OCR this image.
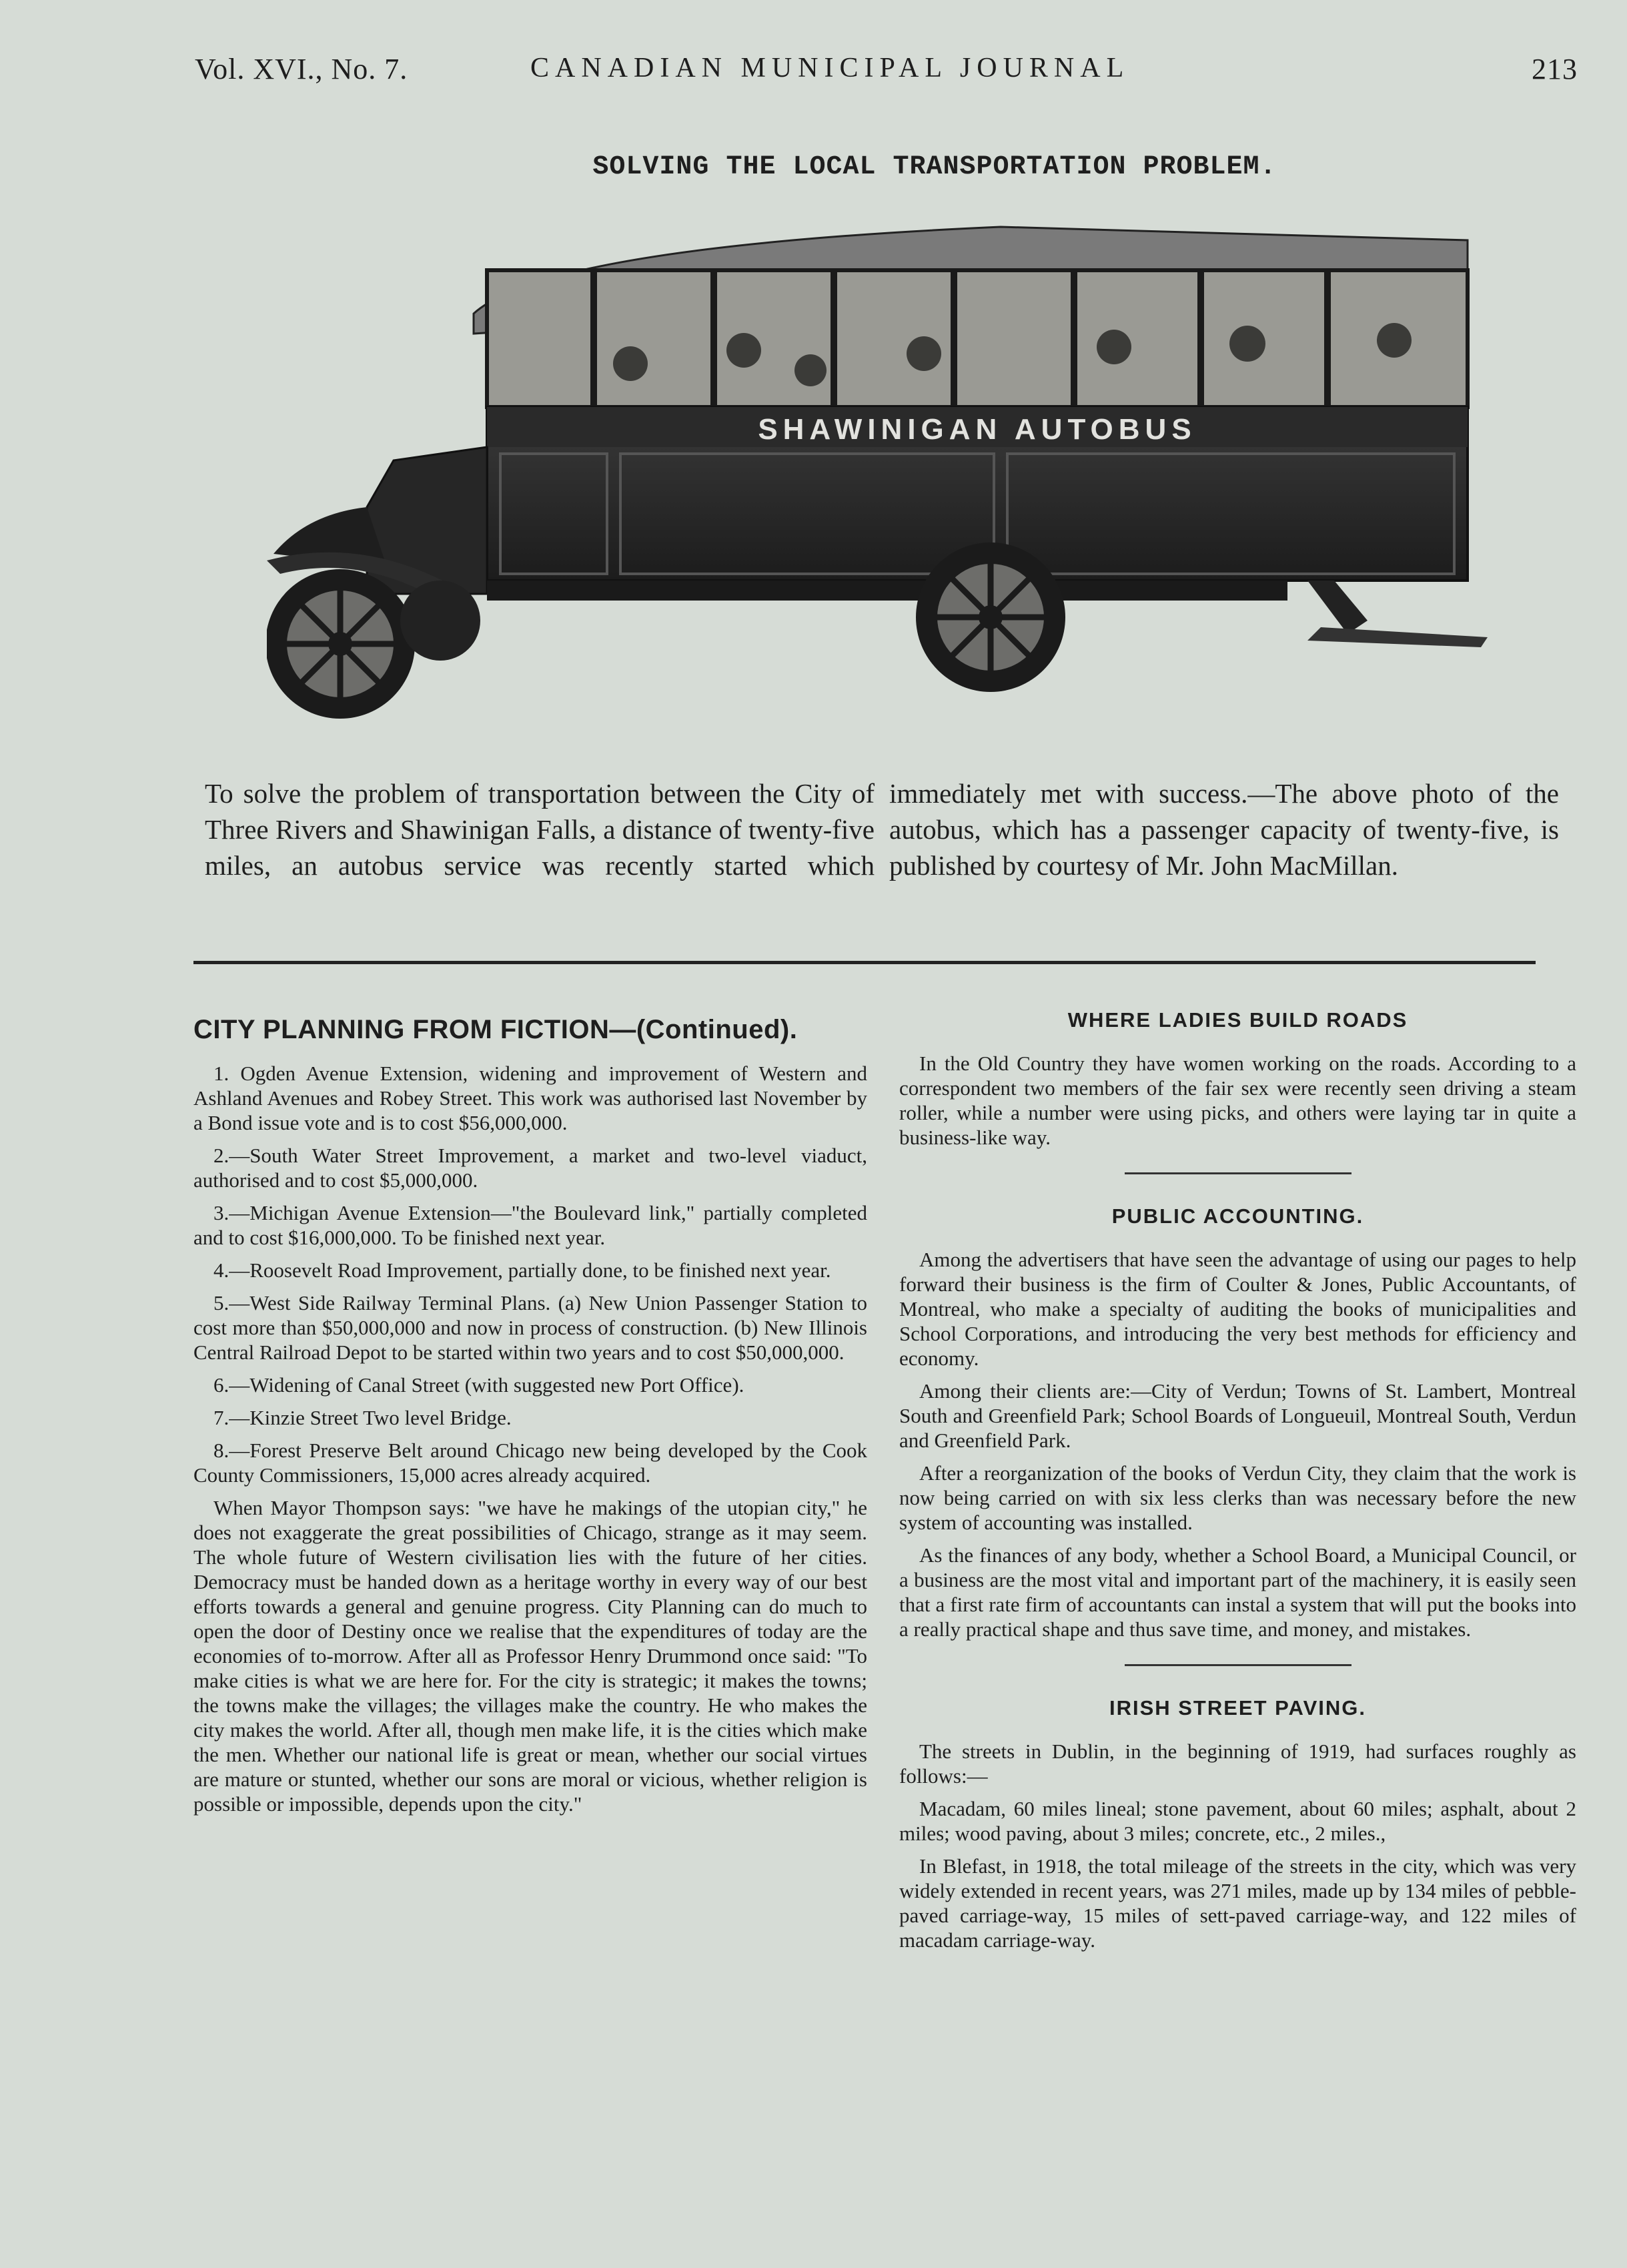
Vol. XVI., No. 7.	CANADIAN MUNICIPAL JOURNAL	213
SOLVING THE LOCAL TRANSPORTATION PROBLEM.
SHAWINIGAN AUTOBUS
To solve the problem of transportation between the City of Three Rivers and Shawinigan Falls, a distance of twenty-five miles, an autobus service was recently started which immediately met with success.—The above photo of the autobus, which has a passenger capacity of twenty-five, is published by courtesy of Mr. John MacMillan.
CITY PLANNING FROM FICTION—(Continued).

1. Ogden Avenue Extension, widening and improvement of Western and Ashland Avenues and Robey Street. This work was authorised last November by a Bond issue vote and is to cost $56,000,000.

2.—South Water Street Improvement, a market and two-level viaduct, authorised and to cost $5,000,000.

3.—Michigan Avenue Extension—"the Boulevard link," partially completed and to cost $16,000,000. To be finished next year.

4.—Roosevelt Road Improvement, partially done, to be finished next year.

5.—West Side Railway Terminal Plans. (a) New Union Passenger Station to cost more than $50,000,000 and now in process of construction. (b) New Illinois Central Railroad Depot to be started within two years and to cost $50,000,000.

6.—Widening of Canal Street (with suggested new Port Office).

7.—Kinzie Street Two level Bridge.

8.—Forest Preserve Belt around Chicago new being developed by the Cook County Commissioners, 15,000 acres already acquired.

When Mayor Thompson says: "we have he makings of the utopian city," he does not exaggerate the great possibilities of Chicago, strange as it may seem. The whole future of Western civilisation lies with the future of her cities. Democracy must be handed down as a heritage worthy in every way of our best efforts towards a general and genuine progress. City Planning can do much to open the door of Destiny once we realise that the expenditures of today are the economies of to-morrow. After all as Professor Henry Drummond once said: "To make cities is what we are here for. For the city is strategic; it makes the towns; the towns make the villages; the villages make the country. He who makes the city makes the world. After all, though men make life, it is the cities which make the men. Whether our national life is great or mean, whether our social virtues are mature or stunted, whether our sons are moral or vicious, whether religion is possible or impossible, depends upon the city."

WHERE LADIES BUILD ROADS

In the Old Country they have women working on the roads. According to a correspondent two members of the fair sex were recently seen driving a steam roller, while a number were using picks, and others were laying tar in quite a business-like way.

PUBLIC ACCOUNTING.

Among the advertisers that have seen the advantage of using our pages to help forward their business is the firm of Coulter & Jones, Public Accountants, of Montreal, who make a specialty of auditing the books of municipalities and School Corporations, and introducing the very best methods for efficiency and economy.

Among their clients are:—City of Verdun; Towns of St. Lambert, Montreal South and Greenfield Park; School Boards of Longueuil, Montreal South, Verdun and Greenfield Park.

After a reorganization of the books of Verdun City, they claim that the work is now being carried on with six less clerks than was necessary before the new system of accounting was installed.

As the finances of any body, whether a School Board, a Municipal Council, or a business are the most vital and important part of the machinery, it is easily seen that a first rate firm of accountants can instal a system that will put the books into a really practical shape and thus save time, and money, and mistakes.

IRISH STREET PAVING.

The streets in Dublin, in the beginning of 1919, had surfaces roughly as follows:—

Macadam, 60 miles lineal; stone pavement, about 60 miles; asphalt, about 2 miles; wood paving, about 3 miles; concrete, etc., 2 miles.,

In Blefast, in 1918, the total mileage of the streets in the city, which was very widely extended in recent years, was 271 miles, made up by 134 miles of pebble-paved carriage-way, 15 miles of sett-paved carriage-way, and 122 miles of macadam carriage-way.
